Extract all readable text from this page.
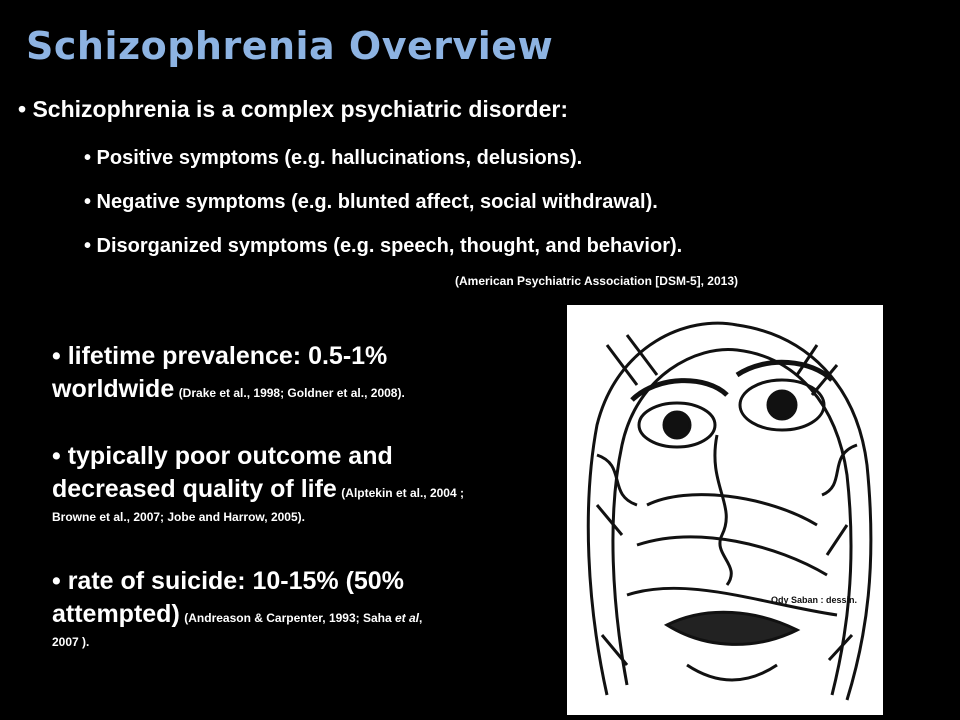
Schizophrenia Overview
• Schizophrenia is a complex psychiatric disorder:
• Positive symptoms (e.g. hallucinations, delusions).
• Negative symptoms (e.g. blunted affect, social withdrawal).
• Disorganized symptoms (e.g. speech, thought, and behavior).
(American Psychiatric Association [DSM-5], 2013)
• lifetime prevalence: 0.5-1%
worldwide (Drake et al., 1998; Goldner et al., 2008).
• typically poor outcome and
decreased quality of life (Alptekin et al., 2004 ;
Browne et al., 2007; Jobe and Harrow, 2005).
• rate of suicide: 10-15% (50%
attempted) (Andreason & Carpenter, 1993; Saha et al,
2007 ).
Ody Saban : dessin.
